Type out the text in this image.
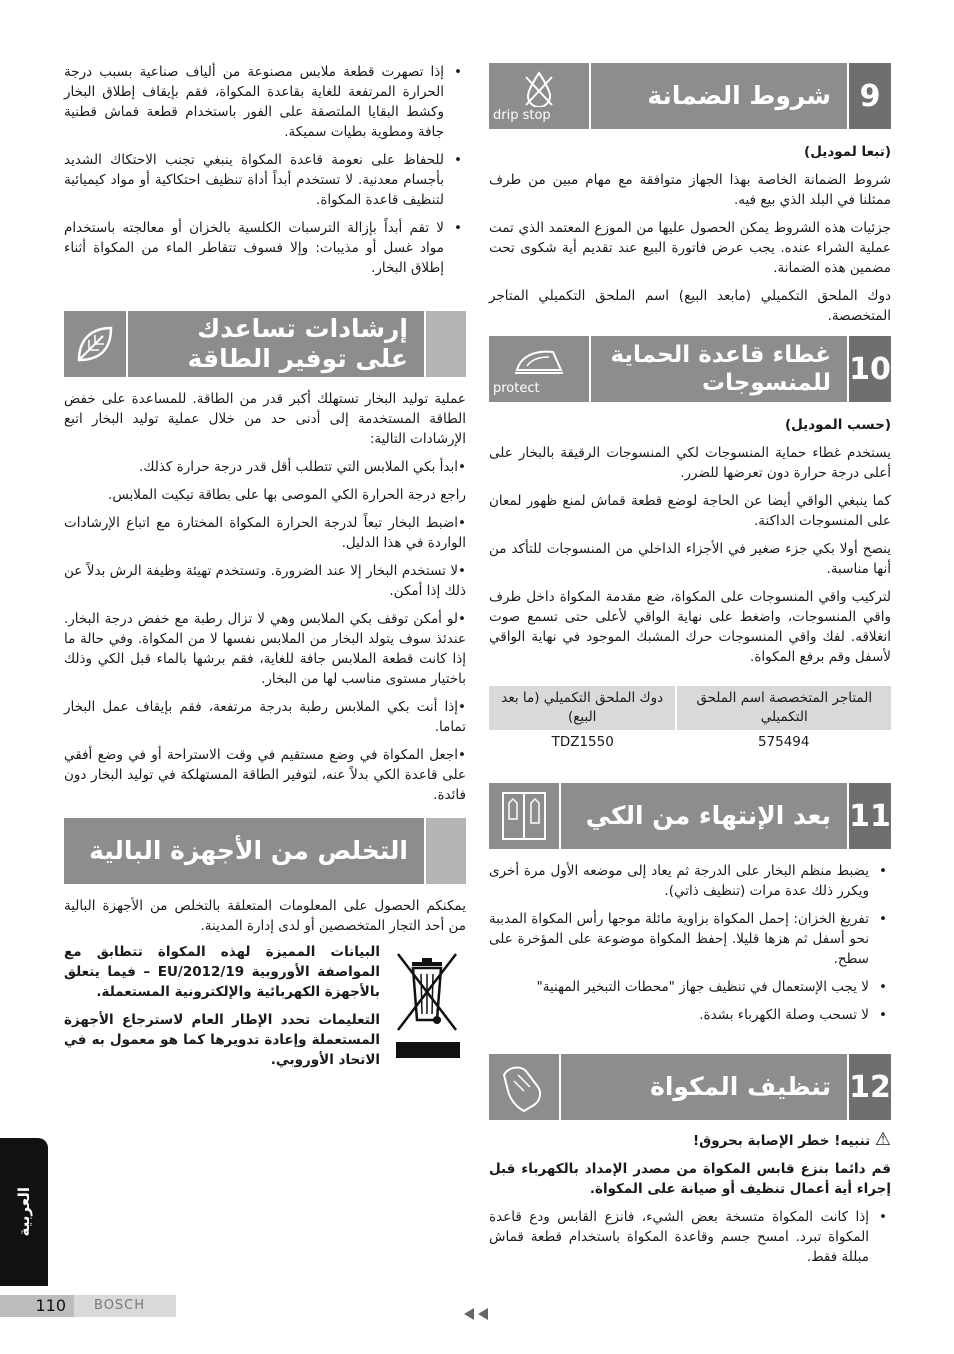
• إذا تصهرت قطعة ملابس مصنوعة من ألياف صناعية بسبب درجة الحرارة المرتفعة للغاية بقاعدة المكواة، فقم بإيقاف إطلاق البخار وكشط البقايا الملتصقة على الفور باستخدام قطعة قماش قطنية جافة ومطوية بطيات سميكة.
• للحفاظ على نعومة قاعدة المكواة ينبغي تجنب الاحتكاك الشديد بأجسام معدنية. لا تستخدم أبداً أداة تنظيف احتكاكية أو مواد كيميائية لتنظيف قاعدة المكواة.
• لا تقم أبداً بإزالة الترسبات الكلسية بالخزان أو معالجته باستخدام مواد غسل أو مذيبات: وإلا فسوف تتقاطر الماء من المكواة أثناء إطلاق البخار.
إرشادات تساعدك على توفير الطاقة

عملية توليد البخار تستهلك أكبر قدر من الطاقة. للمساعدة على خفض الطاقة المستخدمة إلى أدنى حد من خلال عملية توليد البخار اتبع الإرشادات التالية:

•ابدأ بكي الملابس التي تتطلب أقل قدر درجة حرارة كذلك.

راجع درجة الحرارة الكي الموصى بها على بطاقة تيكيت الملابس.

•اضبط البخار تبعاً لدرجة الحرارة المكواة المختارة مع اتباع الإرشادات الواردة في هذا الدليل.

•لا تستخدم البخار إلا عند الضرورة. وتستخدم تهيئة وظيفة الرش بدلاً عن ذلك إذا أمكن.

•لو أمكن توقف بكي الملابس وهي لا تزال رطبة مع خفض درجة البخار. عندئذ سوف يتولد البخار من الملابس نفسها لا من المكواة. وفي حالة ما إذا كانت قطعة الملابس جافة للغاية، فقم برشها بالماء قبل الكي وذلك باختيار مستوى مناسب لها من البخار.

•إذا أنت بكي الملابس رطبة بدرجة مرتفعة، فقم بإيقاف عمل البخار تماما.

•اجعل المكواة في وضع مستقيم في وقت الاستراحة أو في وضع أفقي على قاعدة الكي بدلاً عنه، لتوفير الطاقة المستهلكة في توليد البخار دون فائدة.

التخلص من الأجهزة البالية

يمكنكم الحصول على المعلومات المتعلقة بالتخلص من الأجهزة البالية من أحد التجار المتخصصين أو لدى إدارة المدينة.

البيانات المميزة لهذه المكواة تتطابق مع المواصفة الأوروبية EU/2012/19 – فيما يتعلق بالأجهزة الكهربائية والإلكترونية المستعملة.

التعليمات تحدد الإطار العام لاسترجاع الأجهزة المستعملة وإعادة تدويرها كما هو معمول به في الاتحاد الأوروبي.

9
شروط الضمانة
drip stop

(تبعا لموديل)

شروط الضمانة الخاصة بهذا الجهاز متوافقة مع مهام مبين من طرف ممثلنا في البلد الذي بيع فيه.

جزئيات هذه الشروط يمكن الحصول عليها من الموزع المعتمد الذي تمت عملية الشراء عنده. يجب عرض فاتورة البيع عند تقديم أية شكوى تحت مضمين هذه الضمانة.

دوك الملحق التكميلي (مابعد البيع) اسم الملحق التكميلي المتاجر المتخصصة.

10
غطاء قاعدة الحماية للمنسوجات
protect

(حسب الموديل)

يستخدم غطاء حماية المنسوجات لكي المنسوجات الرقيقة بالبخار على أعلى درجة حرارة دون تعرضها للضرر.

كما ينبغي الواقي أيضا عن الحاجة لوضع قطعة قماش لمنع ظهور لمعان على المنسوجات الداكنة.

ينصح أولا بكي جزء صغير في الأجزاء الداخلي من المنسوجات للتأكد من أنها مناسبة.

لتركيب واقي المنسوجات على المكواة، ضع مقدمة المكواة داخل طرف واقي المنسوجات، واضغط على نهاية الواقي لأعلى حتى تسمع صوت انغلاقه. لفك واقي المنسوجات حرك المشبك الموجود في نهاية الواقي لأسفل وقم برفع المكواة.

المتاجر المتخصصة اسم الملحق التكميلي	دوك الملحق التكميلي (ما بعد البيع)
575494	TDZ1550
11
بعد الإنتهاء من الكي
• يضبط منظم البخار على الدرجة ثم يعاد إلى موضعه الأول مرة أخرى ويكرر ذلك عدة مرات (تنظيف ذاتي).
• تفريغ الخزان: إحمل المكواة بزاوية مائلة موجها رأس المكواة المدببة نحو أسفل ثم هزها قليلا. إحفظ المكواة موضوعة على المؤخرة على سطح.
• لا يجب الإستعمال في تنظيف جهاز "محطات التبخير المهنية"
• لا تسحب وصلة الكهرباء بشدة.
12
تنظيف المكواة

⚠ تنبيه! خطر الإصابة بحروق!

قم دائما بنزع قابس المكواة من مصدر الإمداد بالكهرباء قبل إجراء أية أعمال تنظيف أو صيانة على المكواة.

• إذا كانت المكواة متسخة بعض الشيء، فانزع القابس ودع قاعدة المكواة تبرد. امسح جسم وقاعدة المكواة باستخدام قطعة قماش مبللة فقط.
العربية
110	BOSCH
